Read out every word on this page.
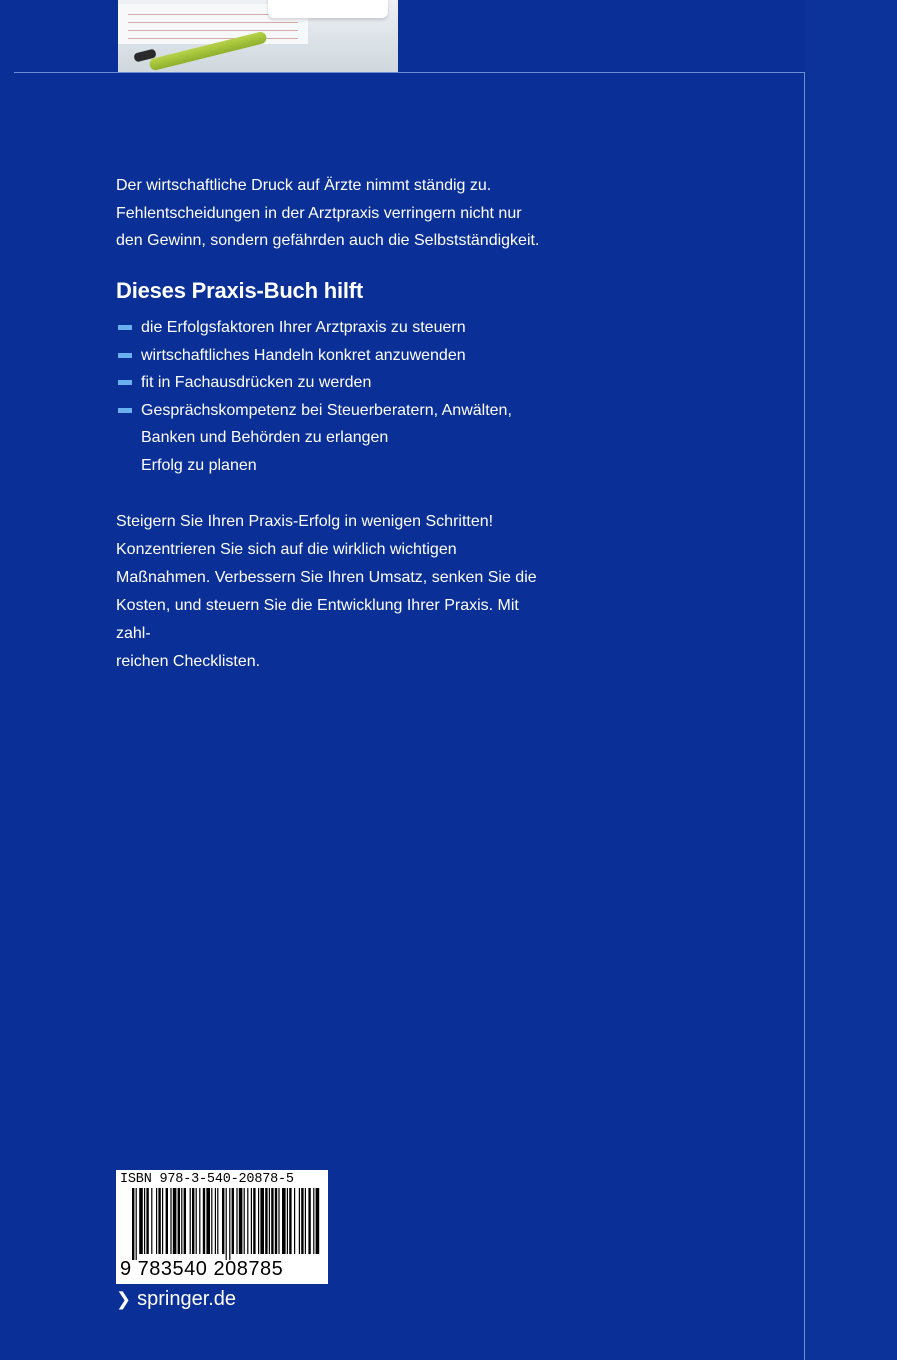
Der wirtschaftliche Druck auf Ärzte nimmt ständig zu.
Fehlentscheidungen in der Arztpraxis verringern nicht nur
den Gewinn, sondern gefährden auch die Selbstständigkeit.

Dieses Praxis-Buch hilft
die Erfolgsfaktoren Ihrer Arztpraxis zu steuern
wirtschaftliches Handeln konkret anzuwenden
fit in Fachausdrücken zu werden
Gesprächskompetenz bei Steuerberatern, Anwälten,
Banken und Behörden zu erlangen
Erfolg zu planen

Steigern Sie Ihren Praxis-Erfolg in wenigen Schritten!
Konzentrieren Sie sich auf die wirklich wichtigen
Maßnahmen. Verbessern Sie Ihren Umsatz, senken Sie die
Kosten, und steuern Sie die Entwicklung Ihrer Praxis. Mit zahl-
reichen Checklisten.

ISBN 978-3-540-20878-5
9 783540 208785
❯ springer.de
